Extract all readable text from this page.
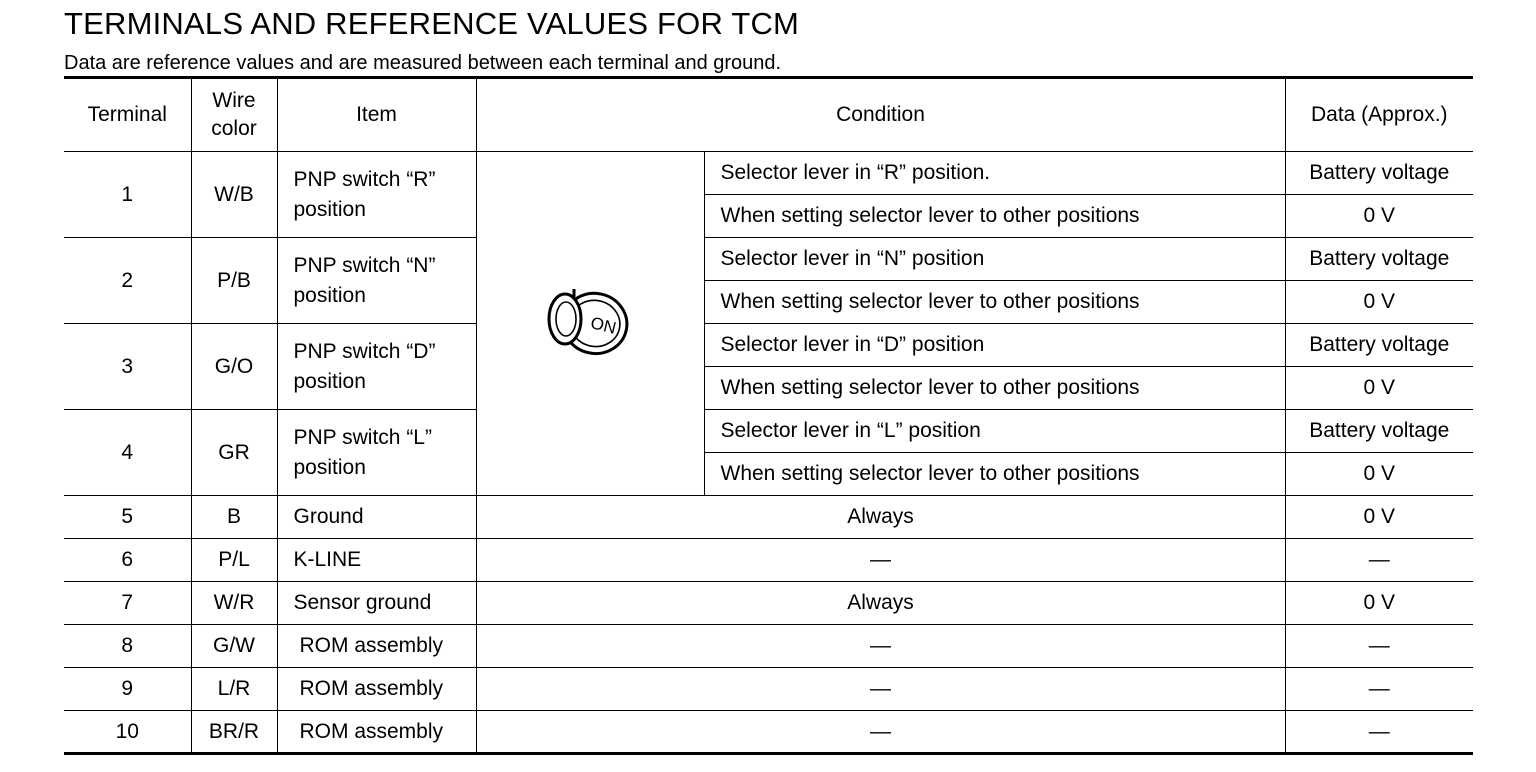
TERMINALS AND REFERENCE VALUES FOR TCM
Data are reference values and are measured between each terminal and ground.
Terminal	Wire color	Item	Condition		Data (Approx.)
1	W/B	PNP switch “R” position	ON	Selector lever in “R” position.	Battery voltage
				When setting selector lever to other positions	0 V
2	P/B	PNP switch “N” position		Selector lever in “N” position	Battery voltage
				When setting selector lever to other positions	0 V
3	G/O	PNP switch “D” position		Selector lever in “D” position	Battery voltage
				When setting selector lever to other positions	0 V
4	GR	PNP switch “L” position		Selector lever in “L” position	Battery voltage
				When setting selector lever to other positions	0 V
5	B	Ground	Always		0 V
6	P/L	K-LINE	—		—
7	W/R	Sensor ground	Always		0 V
8	G/W	ROM assembly	—		—
9	L/R	ROM assembly	—		—
10	BR/R	ROM assembly	—		—
